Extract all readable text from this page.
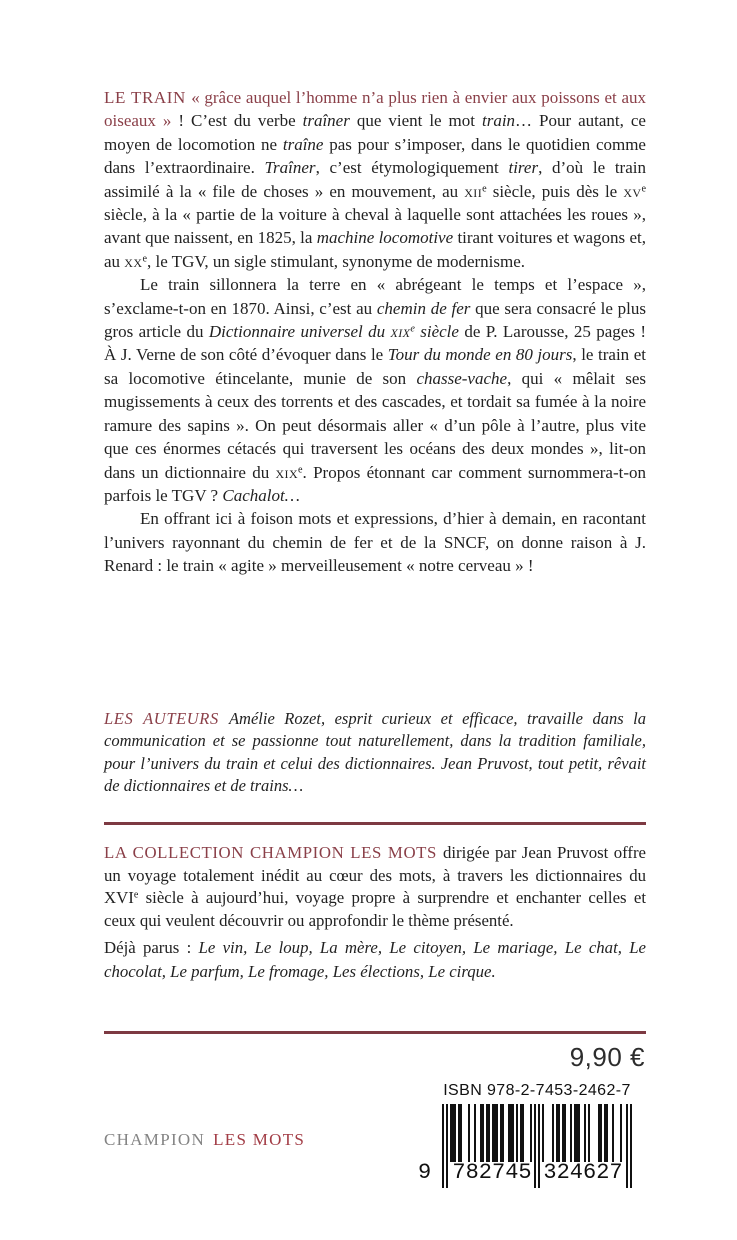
LE TRAIN « grâce auquel l’homme n’a plus rien à envier aux poissons et aux oiseaux » ! C’est du verbe traîner que vient le mot train… Pour autant, ce moyen de locomotion ne traîne pas pour s’imposer, dans le quotidien comme dans l’extraordinaire. Traîner, c’est étymologiquement tirer, d’où le train assimilé à la « file de choses » en mouvement, au xii$^e$ siècle, puis dès le $xv^e$ siècle, à la « partie de la voiture à cheval à laquelle sont attachées les roues », avant que naissent, en 1825, la machine locomotive tirant voitures et wagons et, au $xx^e$, le TGV, un sigle stimulant, synonyme de modernisme.

Le train sillonnera la terre en « abrégeant le temps et l’espace », s’exclame-t-on en 1870. Ainsi, c’est au chemin de fer que sera consacré le plus gros article du Dictionnaire universel du xix$^e$ siècle de P. Larousse, 25 pages ! À J. Verne de son côté d’évoquer dans le Tour du monde en 80 jours, le train et sa locomotive étincelante, munie de son chasse-vache, qui « mêlait ses mugissements à ceux des torrents et des cascades, et tordait sa fumée à la noire ramure des sapins ». On peut désormais aller « d’un pôle à l’autre, plus vite que ces énormes cétacés qui traversent les océans des deux mondes », lit-on dans un dictionnaire du xix$^e$. Propos étonnant car comment surnommera-t-on parfois le TGV ? Cachalot…

En offrant ici à foison mots et expressions, d’hier à demain, en racontant l’univers rayonnant du chemin de fer et de la SNCF, on donne raison à J. Renard : le train « agite » merveilleusement « notre cerveau » !

LES AUTEURS Amélie Rozet, esprit curieux et efficace, travaille dans la communication et se passionne tout naturellement, dans la tradition familiale, pour l’univers du train et celui des dictionnaires. Jean Pruvost, tout petit, rêvait de dictionnaires et de trains…

LA COLLECTION CHAMPION LES MOTS dirigée par Jean Pruvost offre un voyage totalement inédit au cœur des mots, à travers les dictionnaires du XVIe siècle à aujourd’hui, voyage propre à surprendre et enchanter celles et ceux qui veulent découvrir ou approfondir le thème présenté.

Déjà parus : Le vin, Le loup, La mère, Le citoyen, Le mariage, Le chat, Le chocolat, Le parfum, Le fromage, Les élections, Le cirque.

9,90 €
ISBN 978-2-7453-2462-7
9 782745 324627
CHAMPION LES MOTS
